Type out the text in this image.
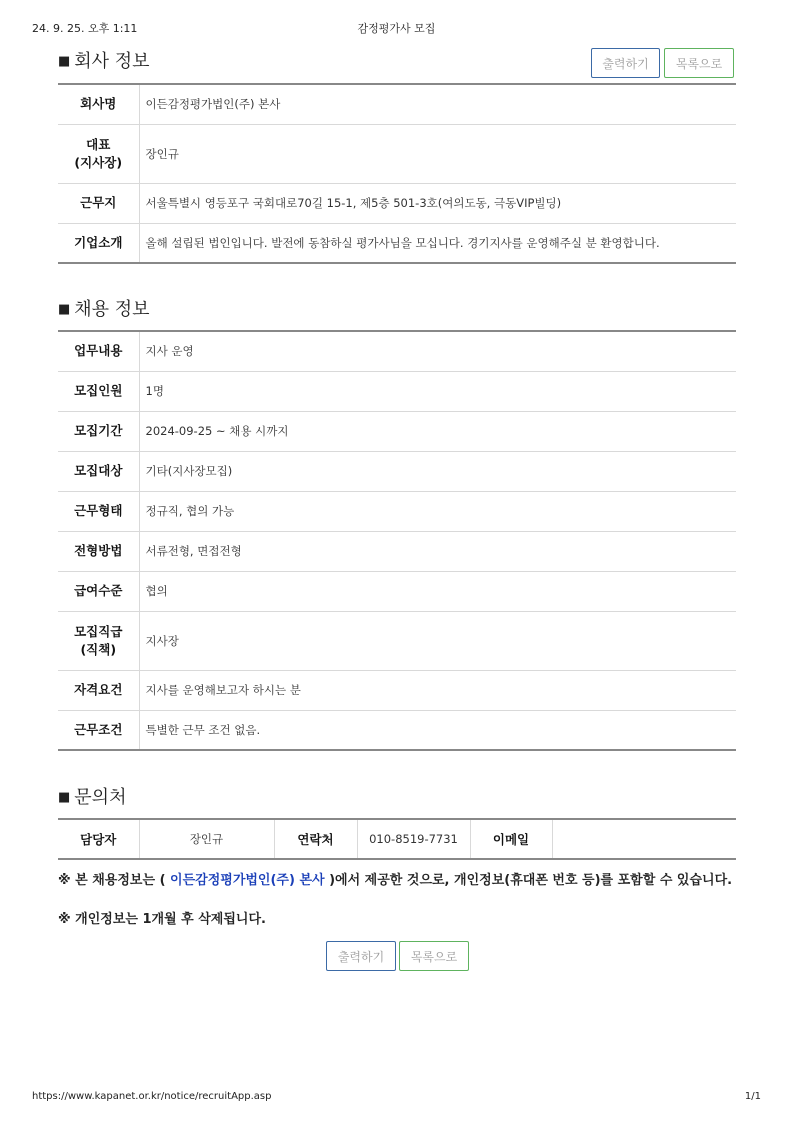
24. 9. 25. 오후 1:11	감정평가사 모집
■ 회사 정보	출력하기	목록으로
회사명	이든감정평가법인(주) 본사
대표
(지사장)	장인규
근무지	서울특별시 영등포구 국회대로70길 15-1, 제5층 501-3호(여의도동, 극동VIP빌딩)
기업소개	올해 설립된 법인입니다. 발전에 동참하실 평가사님을 모십니다. 경기지사를 운영해주실 분 환영합니다.
■ 채용 정보
업무내용	지사 운영
모집인원	1명
모집기간	2024-09-25 ~ 채용 시까지
모집대상	기타(지사장모집)
근무형태	정규직, 협의 가능
전형방법	서류전형, 면접전형
급여수준	협의
모집직급
(직책)	지사장
자격요건	지사를 운영해보고자 하시는 분
근무조건	특별한 근무 조건 없음.
■ 문의처
담당자	장인규	연락처	010-8519-7731	이메일	
※ 본 채용정보는 ( 이든감정평가법인(주) 본사 )에서 제공한 것으로, 개인정보(휴대폰 번호 등)를 포함할 수 있습니다.
※ 개인정보는 1개월 후 삭제됩니다.
출력하기	목록으로
https://www.kapanet.or.kr/notice/recruitApp.asp	1/1
